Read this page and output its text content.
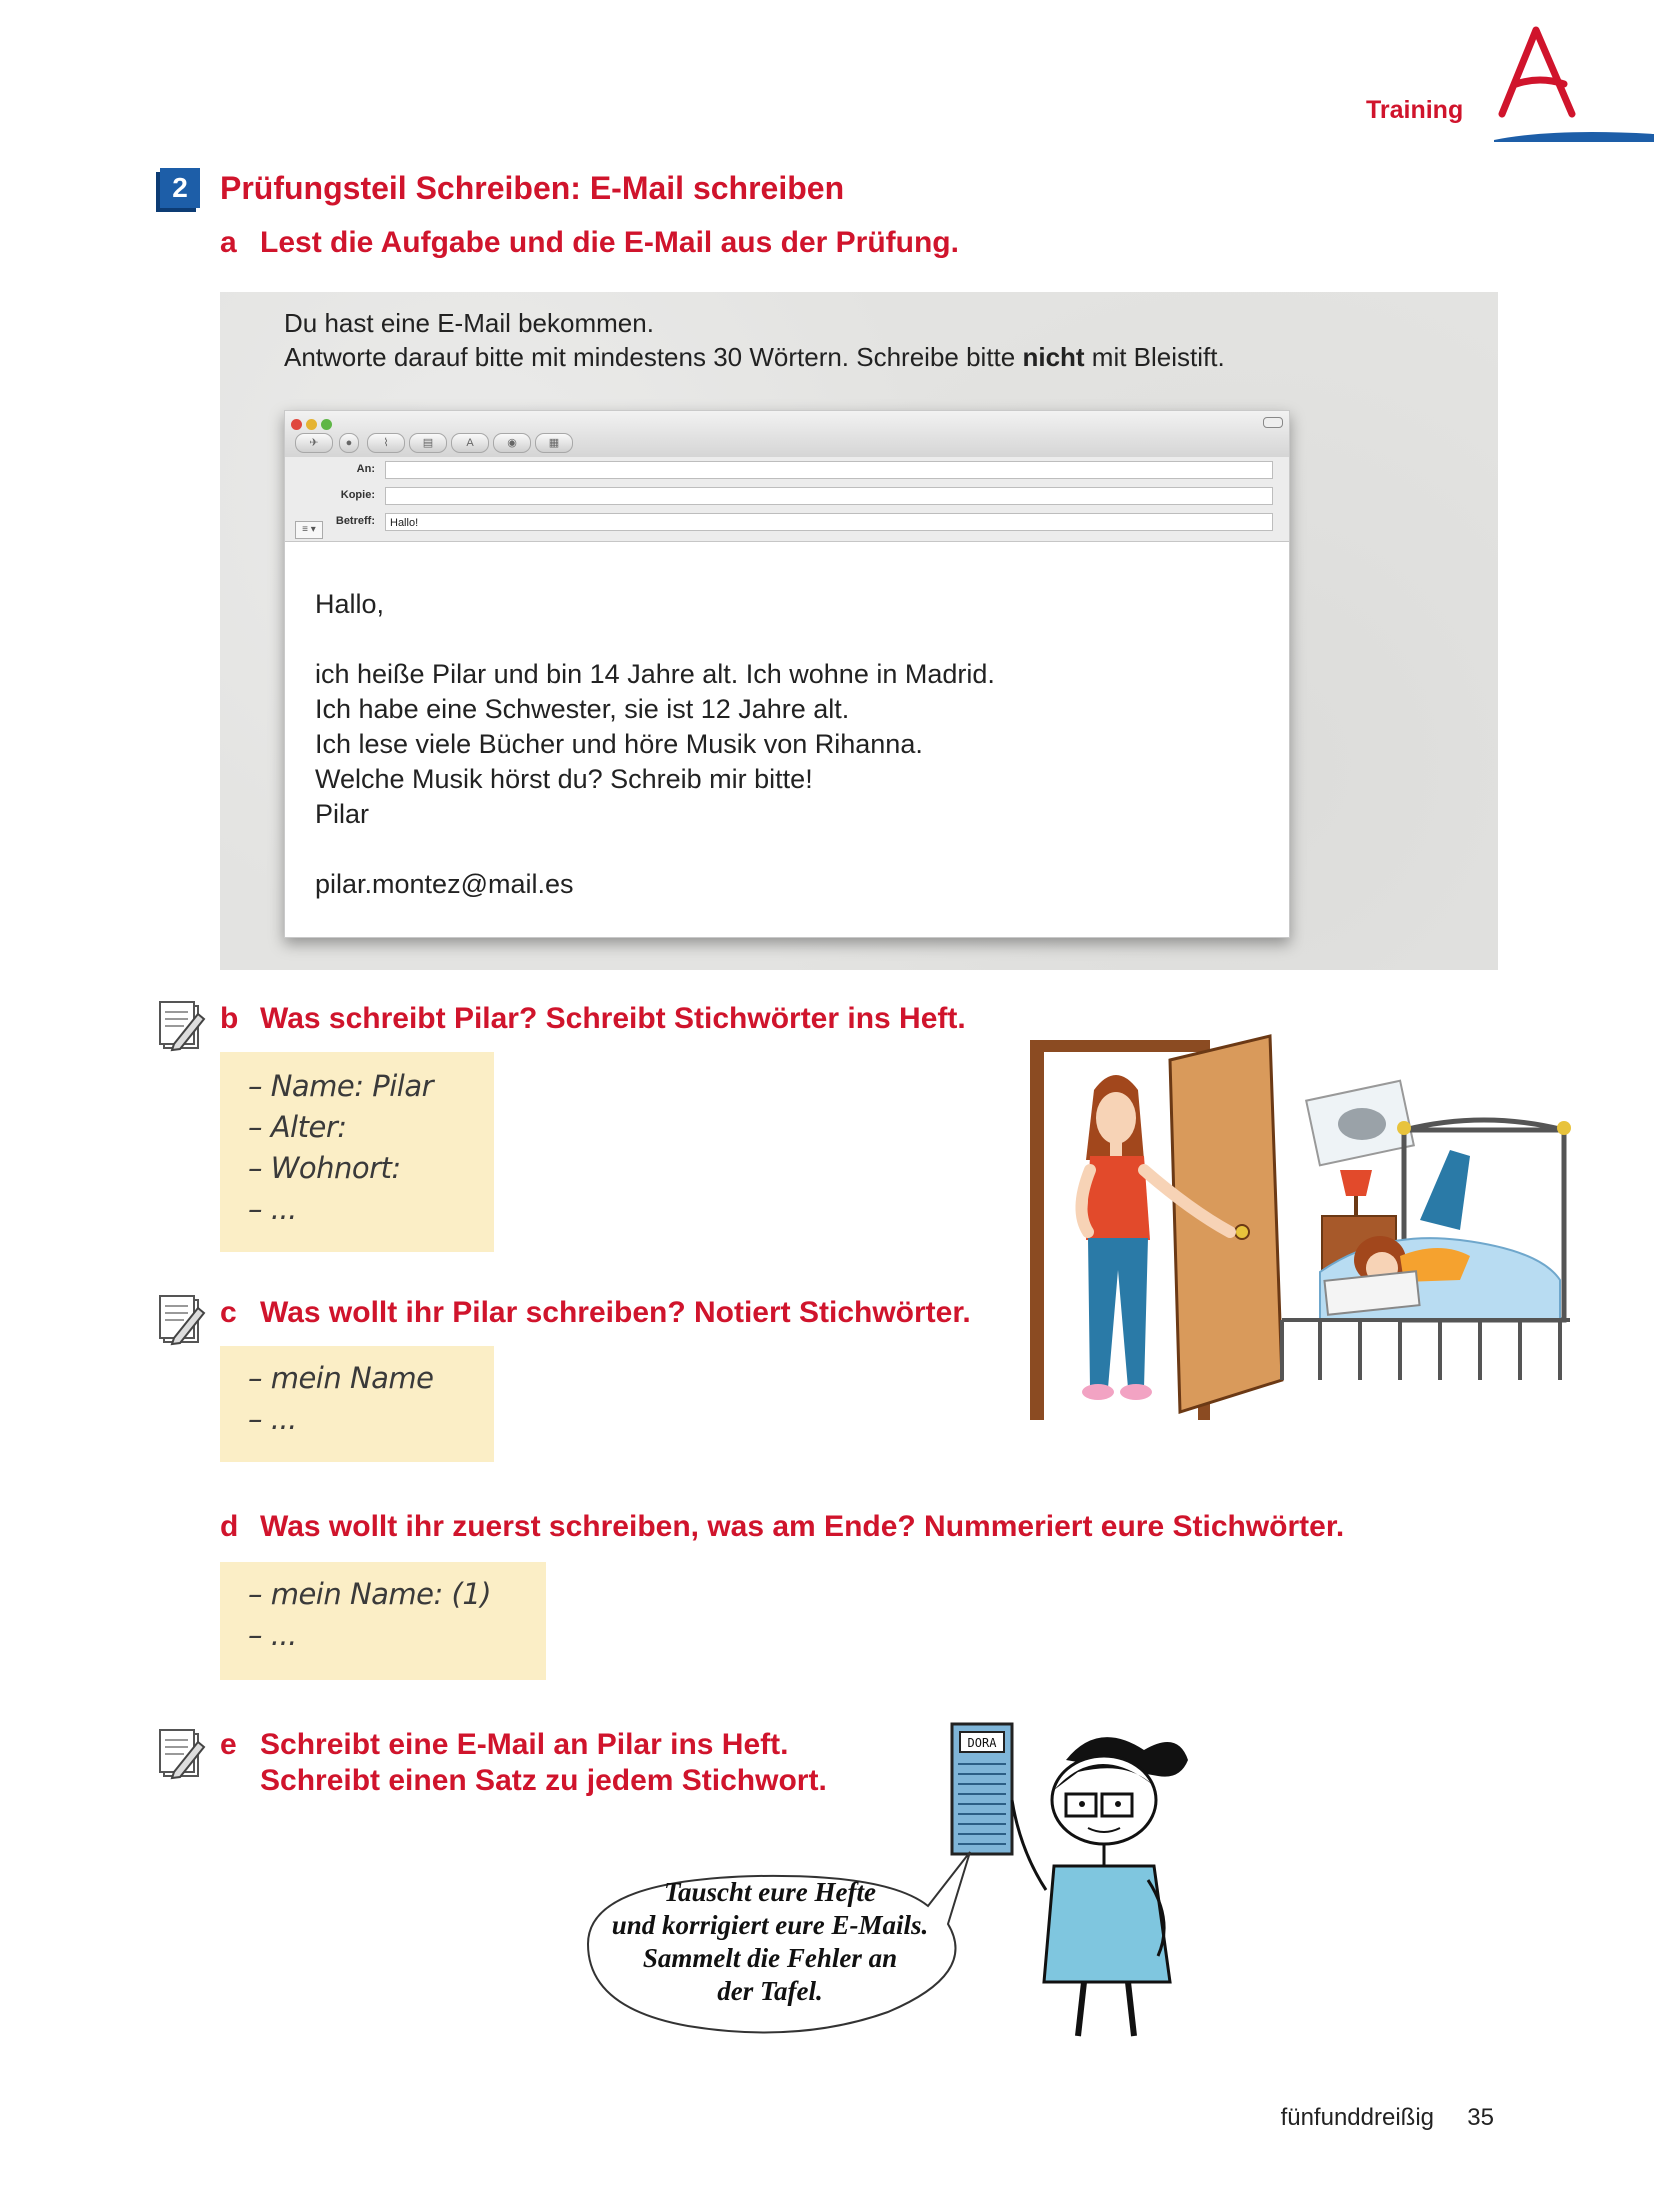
Training
A
2	Prüfungsteil Schreiben: E-Mail schreiben
a Lest die Aufgabe und die E-Mail aus der Prüfung.
Du hast eine E-Mail bekommen.
Antworte darauf bitte mit mindestens 30 Wörtern. Schreibe bitte nicht mit Bleistift.
✈	●	⌇	▤	A	◉	▦
An:
Kopie:
≡ ▾
Betreff:	Hallo!
Hallo,
ich heiße Pilar und bin 14 Jahre alt. Ich wohne in Madrid.
Ich habe eine Schwester, sie ist 12 Jahre alt.
Ich lese viele Bücher und höre Musik von Rihanna.
Welche Musik hörst du? Schreib mir bitte!
Pilar
pilar.montez@mail.es
b Was schreibt Pilar? Schreibt Stichwörter ins Heft.
– Name: Pilar
– Alter:
– Wohnort:
– ...
c Was wollt ihr Pilar schreiben? Notiert Stichwörter.
– mein Name
– ...
d Was wollt ihr zuerst schreiben, was am Ende? Nummeriert eure Stichwörter.
– mein Name: (1)
– ...
e Schreibt eine E-Mail an Pilar ins Heft.
Schreibt einen Satz zu jedem Stichwort.
DORA
Tauscht eure Hefte
und korrigiert eure E-Mails.
Sammelt die Fehler an
der Tafel.
fünfunddreißig 35
